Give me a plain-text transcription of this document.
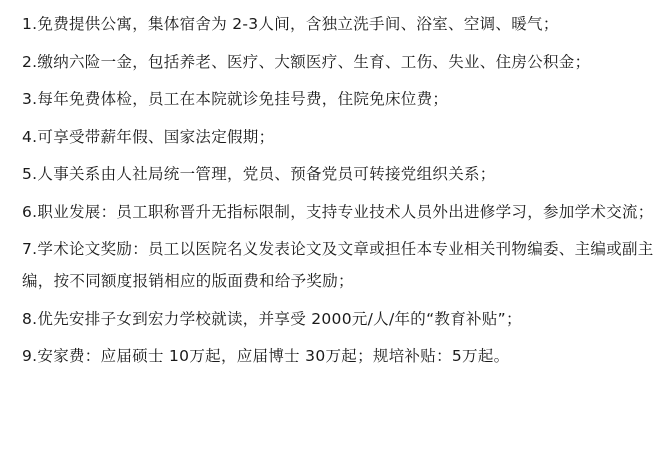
1.免费提供公寓，集体宿舍为 2-3人间，含独立洗手间、浴室、空调、暖气；
2.缴纳六险一金，包括养老、医疗、大额医疗、生育、工伤、失业、住房公积金；
3.每年免费体检，员工在本院就诊免挂号费，住院免床位费；
4.可享受带薪年假、国家法定假期；
5.人事关系由人社局统一管理，党员、预备党员可转接党组织关系；
6.职业发展：员工职称晋升无指标限制，支持专业技术人员外出进修学习，参加学术交流；
7.学术论文奖励：员工以医院名义发表论文及文章或担任本专业相关刊物编委、主编或副主编，按不同额度报销相应的版面费和给予奖励；
8.优先安排子女到宏力学校就读，并享受 2000元/人/年的“教育补贴”；
9.安家费：应届硕士 10万起，应届博士 30万起；规培补贴：5万起。
